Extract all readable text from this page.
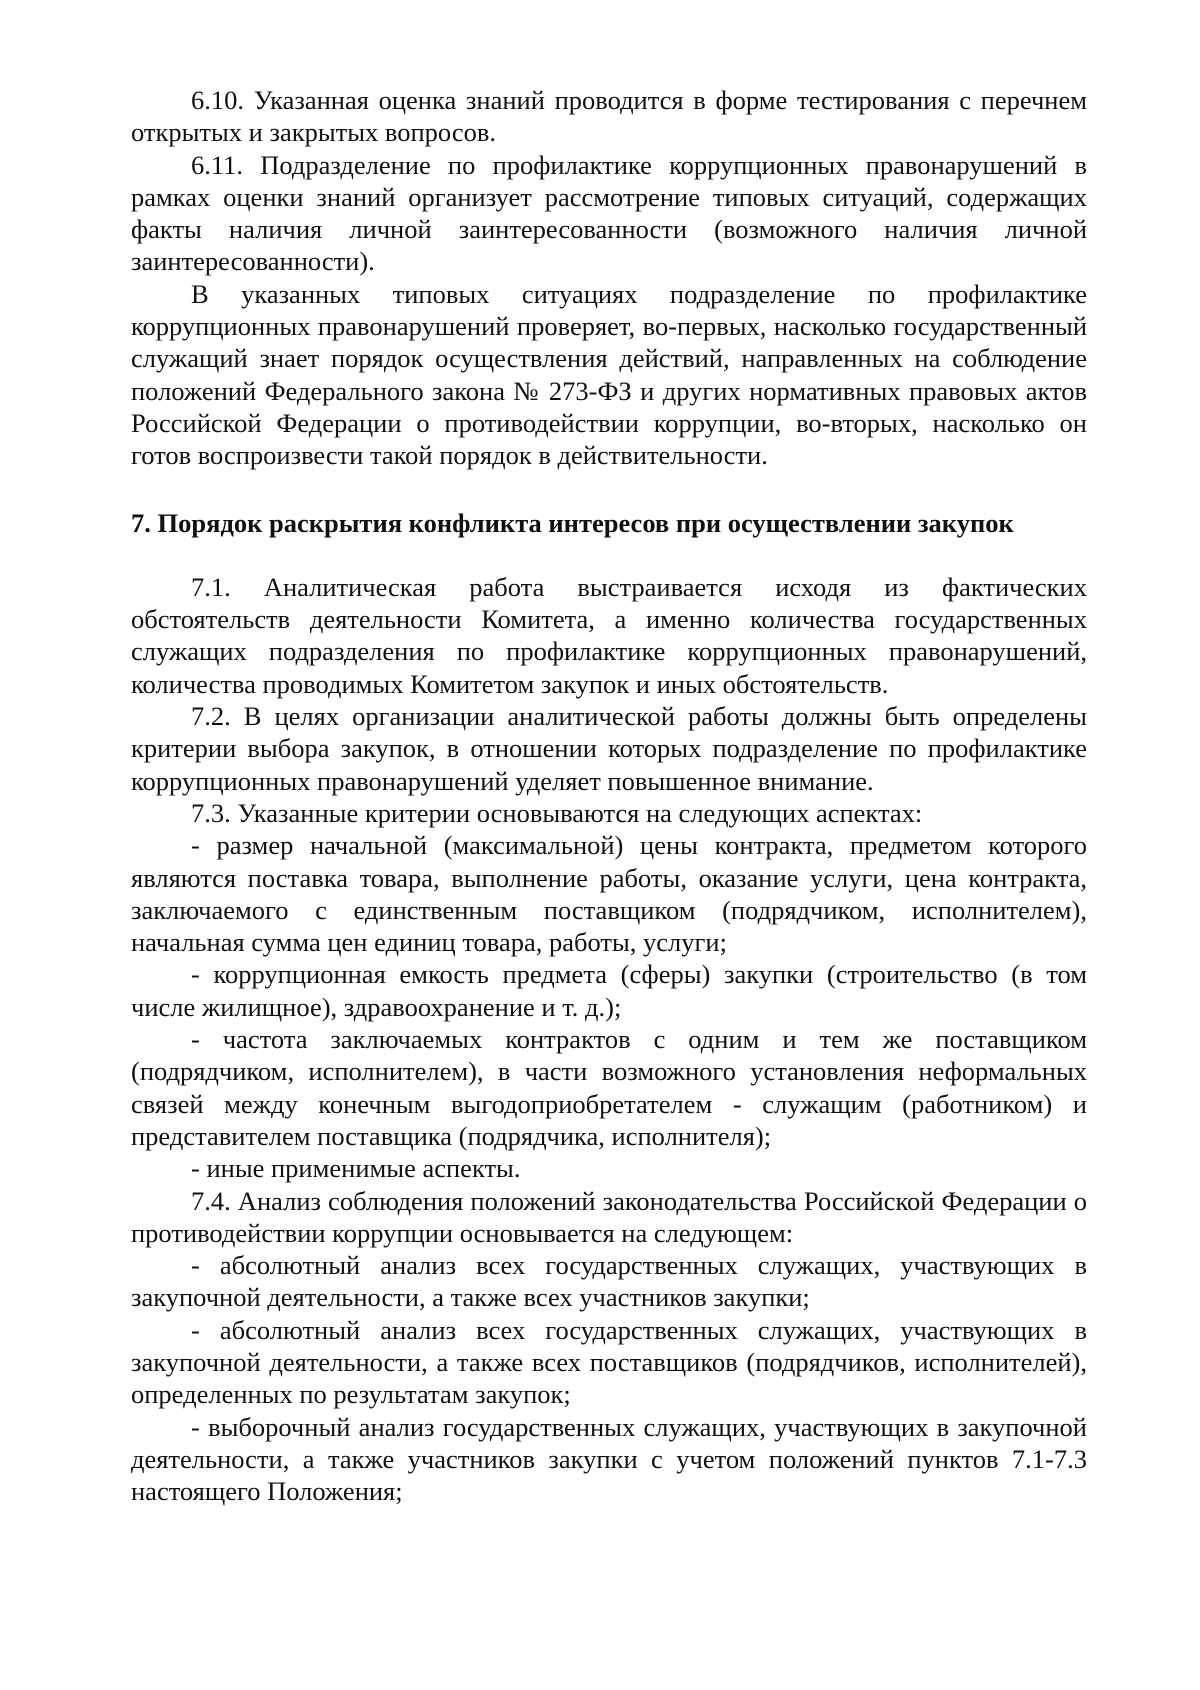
6.10. Указанная оценка знаний проводится в форме тестирования с перечнем открытых и закрытых вопросов.

6.11. Подразделение по профилактике коррупционных правонарушений в рамках оценки знаний организует рассмотрение типовых ситуаций, содержащих факты наличия личной заинтересованности (возможного наличия личной заинтересованности).

В указанных типовых ситуациях подразделение по профилактике коррупционных правонарушений проверяет, во-первых, насколько государственный служащий знает порядок осуществления действий, направленных на соблюдение положений Федерального закона № 273-ФЗ и других нормативных правовых актов Российской Федерации о противодействии коррупции, во-вторых, насколько он готов воспроизвести такой порядок в действительности.

7. Порядок раскрытия конфликта интересов при осуществлении закупок

7.1. Аналитическая работа выстраивается исходя из фактических обстоятельств деятельности Комитета, а именно количества государственных служащих подразделения по профилактике коррупционных правонарушений, количества проводимых Комитетом закупок и иных обстоятельств.

7.2. В целях организации аналитической работы должны быть определены критерии выбора закупок, в отношении которых подразделение по профилактике коррупционных правонарушений уделяет повышенное внимание.

7.3. Указанные критерии основываются на следующих аспектах:

- размер начальной (максимальной) цены контракта, предметом которого являются поставка товара, выполнение работы, оказание услуги, цена контракта, заключаемого с единственным поставщиком (подрядчиком, исполнителем), начальная сумма цен единиц товара, работы, услуги;

- коррупционная емкость предмета (сферы) закупки (строительство (в том числе жилищное), здравоохранение и т. д.);

- частота заключаемых контрактов с одним и тем же поставщиком (подрядчиком, исполнителем), в части возможного установления неформальных связей между конечным выгодоприобретателем - служащим (работником) и представителем поставщика (подрядчика, исполнителя);

- иные применимые аспекты.

7.4. Анализ соблюдения положений законодательства Российской Федерации о противодействии коррупции основывается на следующем:

- абсолютный анализ всех государственных служащих, участвующих в закупочной деятельности, а также всех участников закупки;

- абсолютный анализ всех государственных служащих, участвующих в закупочной деятельности, а также всех поставщиков (подрядчиков, исполнителей), определенных по результатам закупок;

- выборочный анализ государственных служащих, участвующих в закупочной деятельности, а также участников закупки с учетом положений пунктов 7.1-7.3 настоящего Положения;
